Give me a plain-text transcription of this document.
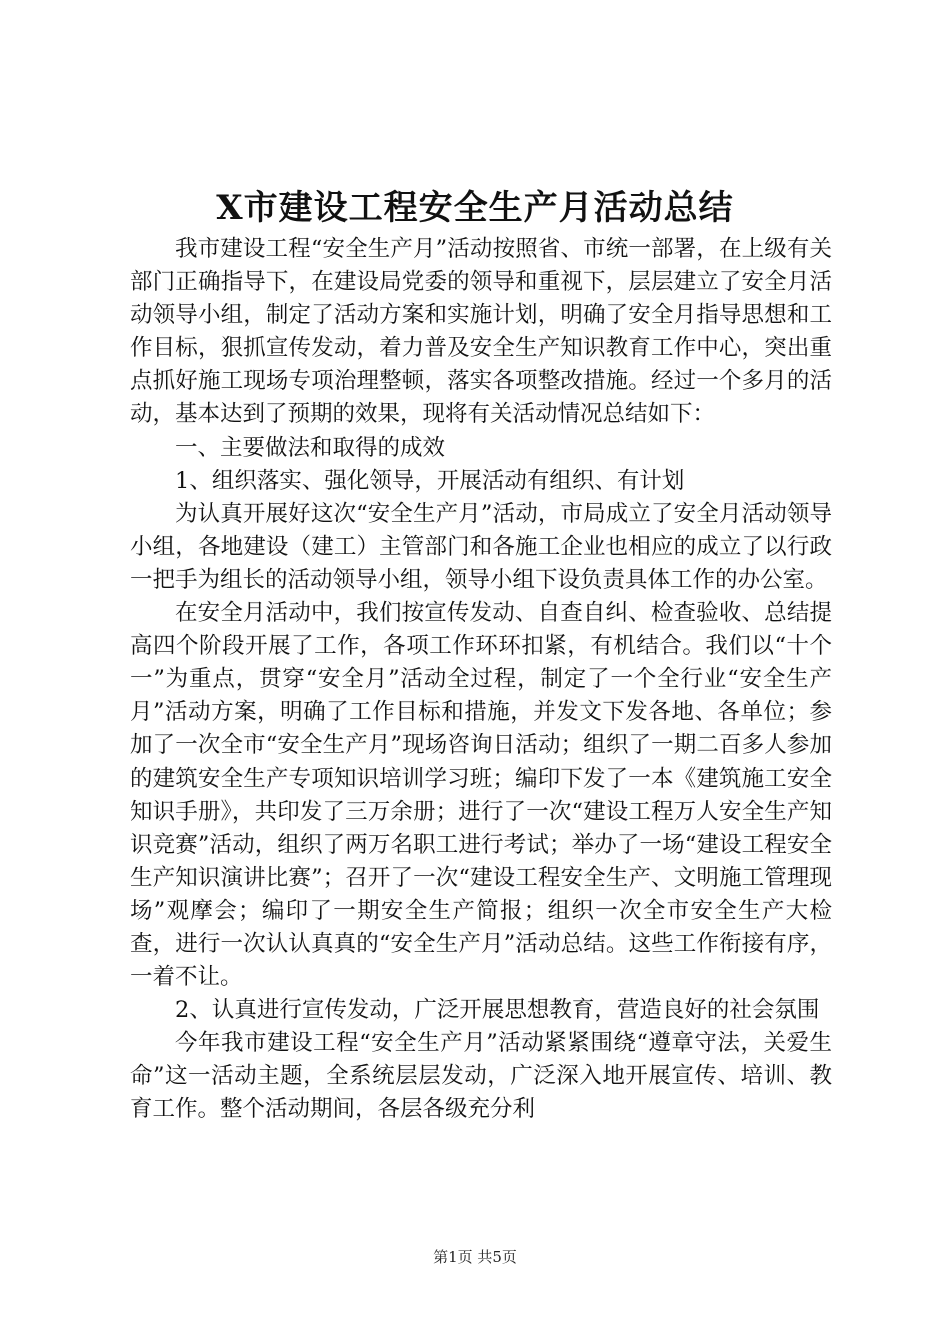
X市建设工程安全生产月活动总结

我市建设工程“安全生产月”活动按照省、市统一部署，在上级有关部门正确指导下，在建设局党委的领导和重视下，层层建立了安全月活动领导小组，制定了活动方案和实施计划，明确了安全月指导思想和工作目标，狠抓宣传发动，着力普及安全生产知识教育工作中心，突出重点抓好施工现场专项治理整顿，落实各项整改措施。经过一个多月的活动，基本达到了预期的效果，现将有关活动情况总结如下：

一、主要做法和取得的成效

1、组织落实、强化领导，开展活动有组织、有计划

为认真开展好这次“安全生产月”活动，市局成立了安全月活动领导小组，各地建设（建工）主管部门和各施工企业也相应的成立了以行政一把手为组长的活动领导小组，领导小组下设负责具体工作的办公室。

在安全月活动中，我们按宣传发动、自查自纠、检查验收、总结提高四个阶段开展了工作，各项工作环环扣紧，有机结合。我们以“十个一”为重点，贯穿“安全月”活动全过程，制定了一个全行业“安全生产月”活动方案，明确了工作目标和措施，并发文下发各地、各单位；参加了一次全市“安全生产月”现场咨询日活动；组织了一期二百多人参加的建筑安全生产专项知识培训学习班；编印下发了一本《建筑施工安全知识手册》，共印发了三万余册；进行了一次“建设工程万人安全生产知识竞赛”活动，组织了两万名职工进行考试；举办了一场“建设工程安全生产知识演讲比赛”；召开了一次“建设工程安全生产、文明施工管理现场”观摩会；编印了一期安全生产简报；组织一次全市安全生产大检查，进行一次认认真真的“安全生产月”活动总结。这些工作衔接有序，一着不让。

2、认真进行宣传发动，广泛开展思想教育，营造良好的社会氛围

今年我市建设工程“安全生产月”活动紧紧围绕“遵章守法，关爱生命”这一活动主题，全系统层层发动，广泛深入地开展宣传、培训、教育工作。整个活动期间，各层各级充分利

第1页 共5页
